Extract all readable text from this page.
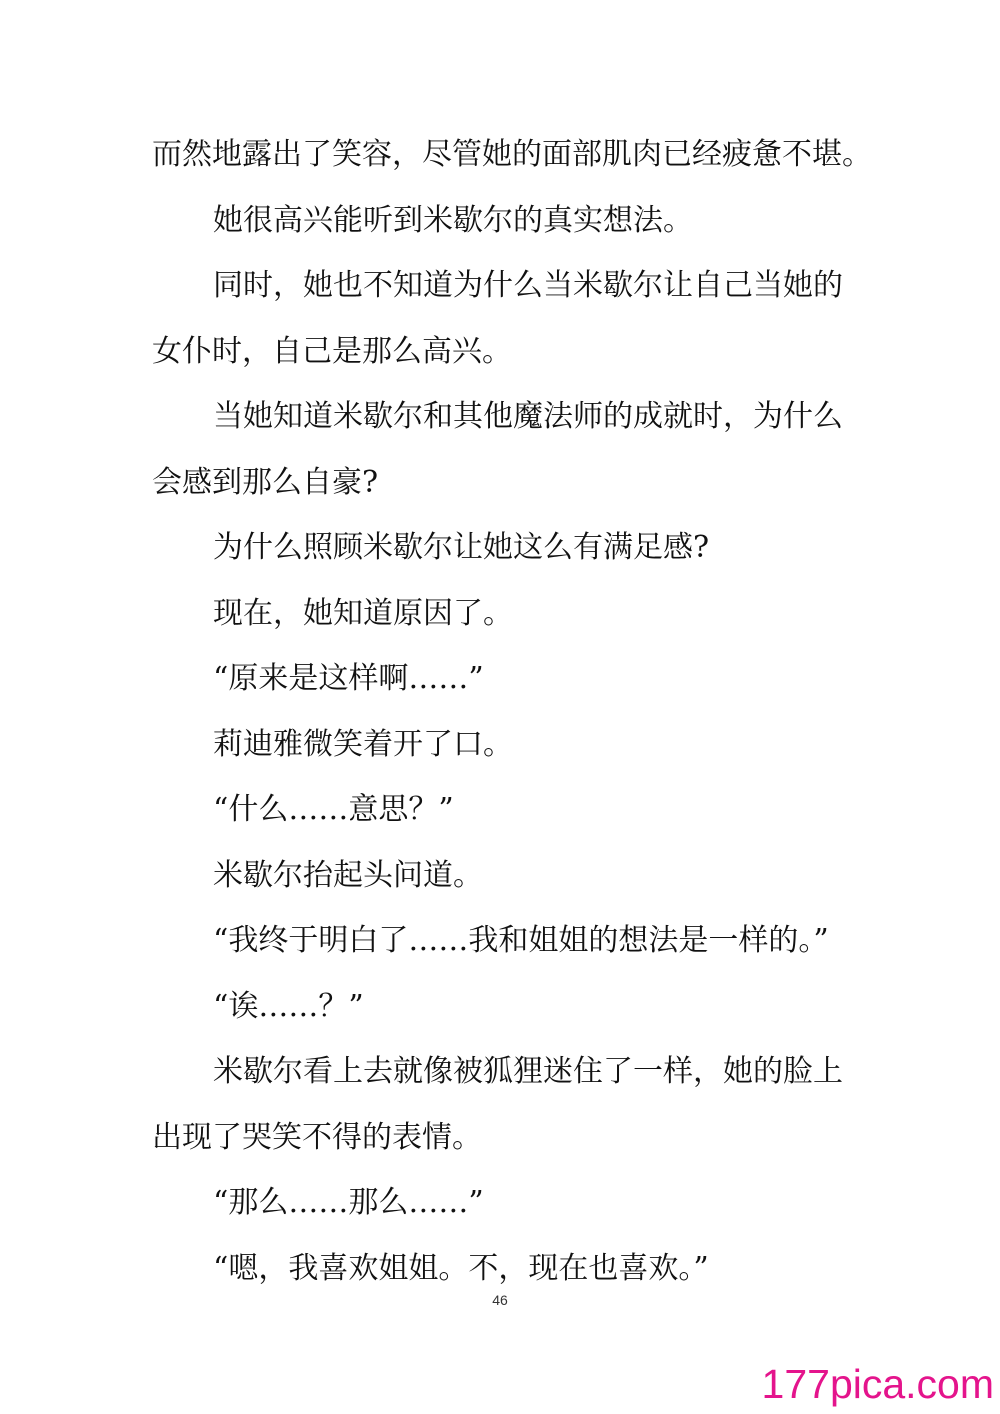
而然地露出了笑容，尽管她的面部肌肉已经疲惫不堪。
她很高兴能听到米歇尔的真实想法。
同时，她也不知道为什么当米歇尔让自己当她的
女仆时，自己是那么高兴。
当她知道米歇尔和其他魔法师的成就时，为什么
会感到那么自豪?
为什么照顾米歇尔让她这么有满足感?
现在，她知道原因了。
“原来是这样啊……”
莉迪雅微笑着开了口。
“什么……意思？”
米歇尔抬起头问道。
“我终于明白了……我和姐姐的想法是一样的。”
“诶……？”
米歇尔看上去就像被狐狸迷住了一样，她的脸上
出现了哭笑不得的表情。
“那么……那么……”
“嗯，我喜欢姐姐。不，现在也喜欢。”
46
177pica.com
